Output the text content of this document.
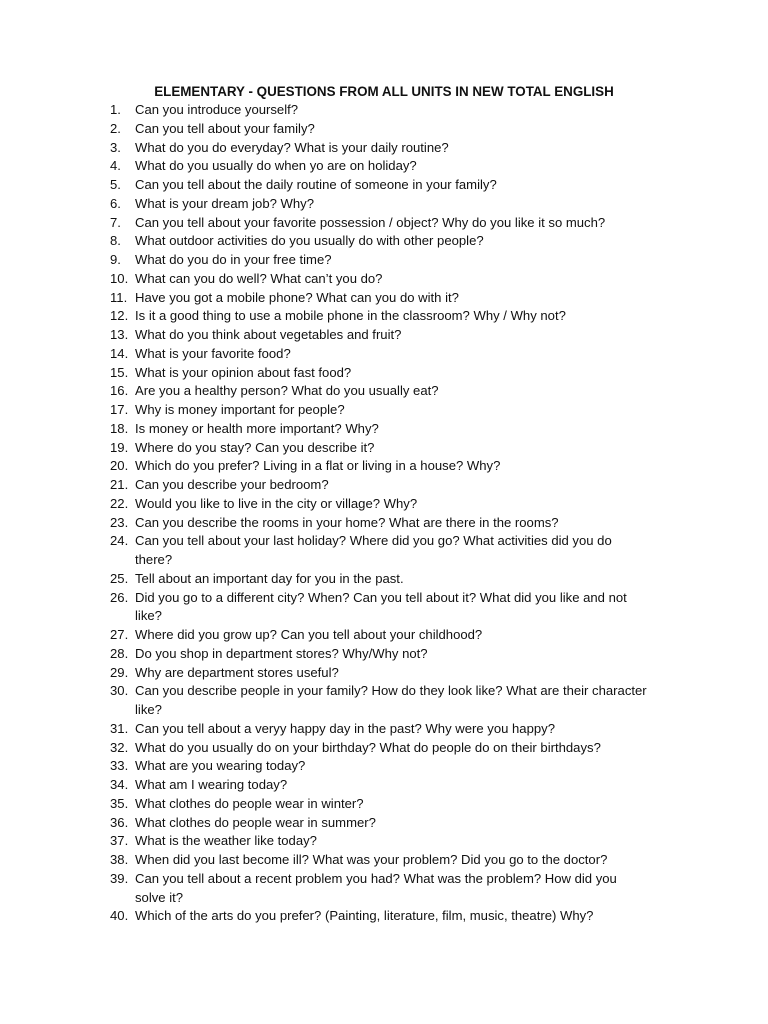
ELEMENTARY - QUESTIONS FROM ALL UNITS IN NEW TOTAL ENGLISH
1.	Can you introduce yourself?
2.	Can you tell about your family?
3.	What do you do everyday? What is your daily routine?
4.	What do you usually do when yo are on holiday?
5.	Can you tell about the daily routine of someone in your family?
6.	What is your dream job? Why?
7.	Can you tell about your favorite possession / object? Why do you like it so much?
8.	What outdoor activities do you usually do with other people?
9.	What do you do in your free time?
10. What can you do well? What can’t you do?
11. Have you got a mobile phone? What can you do with it?
12. Is it a good thing to use a mobile phone in the classroom? Why / Why not?
13. What do you think about vegetables and fruit?
14. What is your favorite food?
15. What is your opinion about fast food?
16. Are you a healthy person? What do you usually eat?
17. Why is money important for people?
18. Is money or health more important? Why?
19. Where do you stay? Can you describe it?
20. Which do you prefer? Living in a flat or living in a house? Why?
21. Can you describe your bedroom?
22. Would you like to live in the city or village? Why?
23. Can you describe the rooms in your home? What are there in the rooms?
24. Can you tell about your last holiday? Where did you go? What activities did you do
there?
25. Tell about an important day for you in the past.
26. Did you go to a different city? When? Can you tell about it? What did you like and not
like?
27. Where did you grow up? Can you tell about your childhood?
28. Do you shop in department stores? Why/Why not?
29. Why are department stores useful?
30. Can you describe people in your family? How do they look like? What are their character
like?
31. Can you tell about a veryy happy day in the past? Why were you happy?
32. What do you usually do on your birthday? What do people do on their birthdays?
33. What are you wearing today?
34. What am I wearing today?
35. What clothes do people wear in winter?
36. What clothes do people wear in summer?
37. What is the weather like today?
38. When did you last become ill? What was your problem? Did you go to the doctor?
39. Can you tell about a recent problem you had? What was the problem? How did you
solve it?
40. Which of the arts do you prefer? (Painting, literature, film, music, theatre) Why?
